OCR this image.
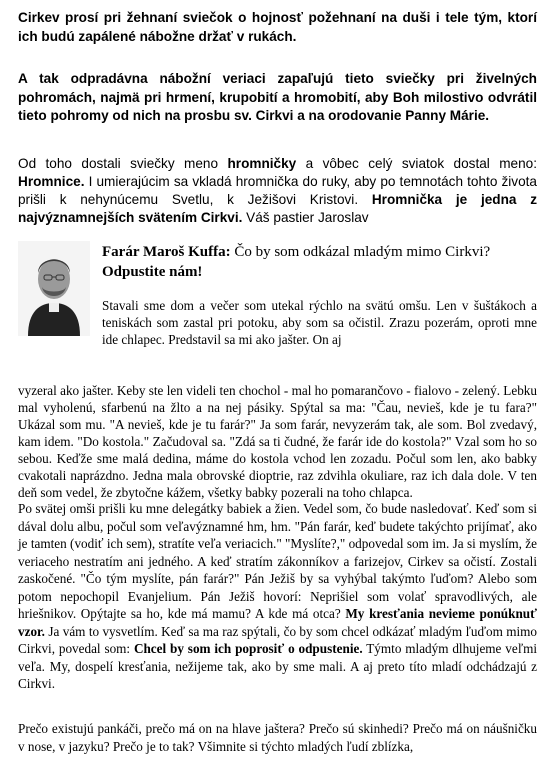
Cirkev prosí pri žehnaní sviečok o hojnosť požehnaní na duši i tele tým, ktorí ich budú zapálené nábožne držať v rukách.

A tak odpradávna nábožní veriaci zapaľujú tieto sviečky pri živelných pohromách, najmä pri hrmení, krupobití a hromobití, aby Boh milostivo odvrátil tieto pohromy od nich na prosbu sv. Cirkvi a na orodovanie Panny Márie.

Od toho dostali sviečky meno hromničky a vôbec celý sviatok dostal meno: Hromnice. I umierajúcim sa vkladá hromnička do ruky, aby po temnotách tohto života prišli k nehynúcemu Svetlu, k Ježišovi Kristovi. Hromnička je jedna z najvýznamnejších svätením Cirkvi. Váš pastier Jaroslav

Farár Maroš Kuffa: Čo by som odkázal mladým mimo Cirkvi?
Odpustite nám!

Stavali sme dom a večer som utekal rýchlo na svätú omšu. Len v šuštákoch a teniskách som zastal pri potoku, aby som sa očistil. Zrazu pozerám, oproti mne ide chlapec. Predstavil sa mi ako jašter. On aj

vyzeral ako jašter. Keby ste len videli ten chochol - mal ho pomarančovo - fialovo - zelený. Lebku mal vyholenú, sfarbenú na žlto a na nej pásiky. Spýtal sa ma: "Čau, nevieš, kde je tu fara?" Ukázal som mu. "A nevieš, kde je tu farár?" Ja som farár, nevyzerám tak, ale som. Bol zvedavý, kam idem. "Do kostola." Začudoval sa. "Zdá sa ti čudné, že farár ide do kostola?" Vzal som ho so sebou. Keďže sme malá dedina, máme do kostola vchod len zozadu. Počul som len, ako babky cvakotali naprázdno. Jedna mala obrovské dioptrie, raz zdvihla okuliare, raz ich dala dole. V ten deň som vedel, že zbytočne kážem, všetky babky pozerali na toho chlapca.

Po svätej omši prišli ku mne delegátky babiek a žien. Vedel som, čo bude nasledovať. Keď som si dával dolu albu, počul som veľavýznamné hm, hm. "Pán farár, keď budete takýchto prijímať, ako je tamten (vodiť ich sem), stratíte veľa veriacich." "Myslíte?," odpovedal som im. Ja si myslím, že veriaceho nestratím ani jedného. A keď stratím zákonníkov a farizejov, Cirkev sa očistí. Zostali zaskočené. "Čo tým myslíte, pán farár?" Pán Ježiš by sa vyhýbal takýmto ľuďom? Alebo som potom nepochopil Evanjelium. Pán Ježiš hovorí: Neprišiel som volať spravodlivých, ale hriešnikov. Opýtajte sa ho, kde má mamu? A kde má otca? My kresťania nevieme ponúknuť vzor. Ja vám to vysvetlím. Keď sa ma raz spýtali, čo by som chcel odkázať mladým ľuďom mimo Cirkvi, povedal som: Chcel by som ich poprosiť o odpustenie. Týmto mladým dlhujeme veľmi veľa. My, dospelí kresťania, nežijeme tak, ako by sme mali. A aj preto títo mladí odchádzajú z Cirkvi.

Prečo existujú pankáči, prečo má on na hlave jaštera? Prečo sú skinhedi? Prečo má on náušničku v nose, v jazyku? Prečo je to tak? Všimnite si týchto mladých ľudí zblízka,
